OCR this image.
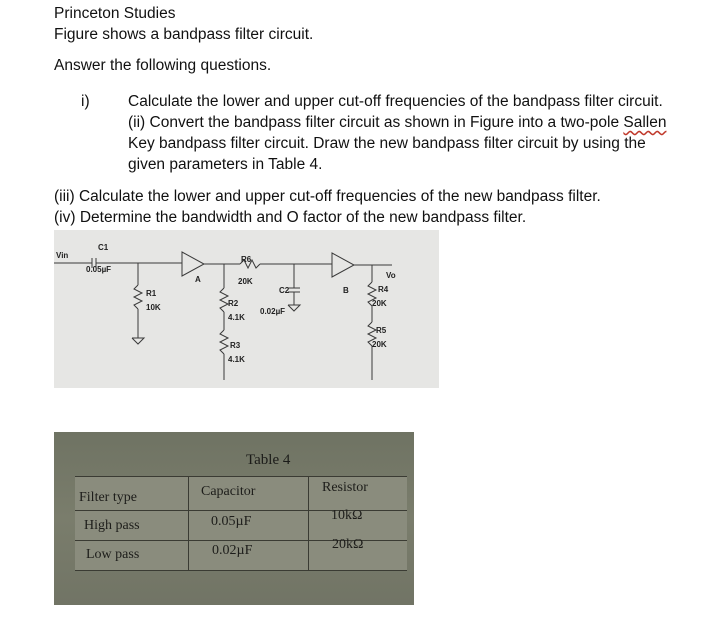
Princeton Studies
Figure shows a bandpass filter circuit.
Answer the following questions.
i) Calculate the lower and upper cut-off frequencies of the bandpass filter circuit.
(ii) Convert the bandpass filter circuit as shown in Figure into a two-pole Sallen
Key bandpass filter circuit. Draw the new bandpass filter circuit by using the
given parameters in Table 4.
(iii) Calculate the lower and upper cut-off frequencies of the new bandpass filter.
(iv) Determine the bandwidth and O factor of the new bandpass filter.
Vin
C1
0.05µF
R1
10K
A
R6
20K
R2
4.1K
R3
4.1K
C2
0.02µF
B
Vo
R4
20K
R5
20K
Table 4
Filter type	Capacitor	Resistor
High pass	0.05µF	10kΩ
Low pass	0.02µF	20kΩ
